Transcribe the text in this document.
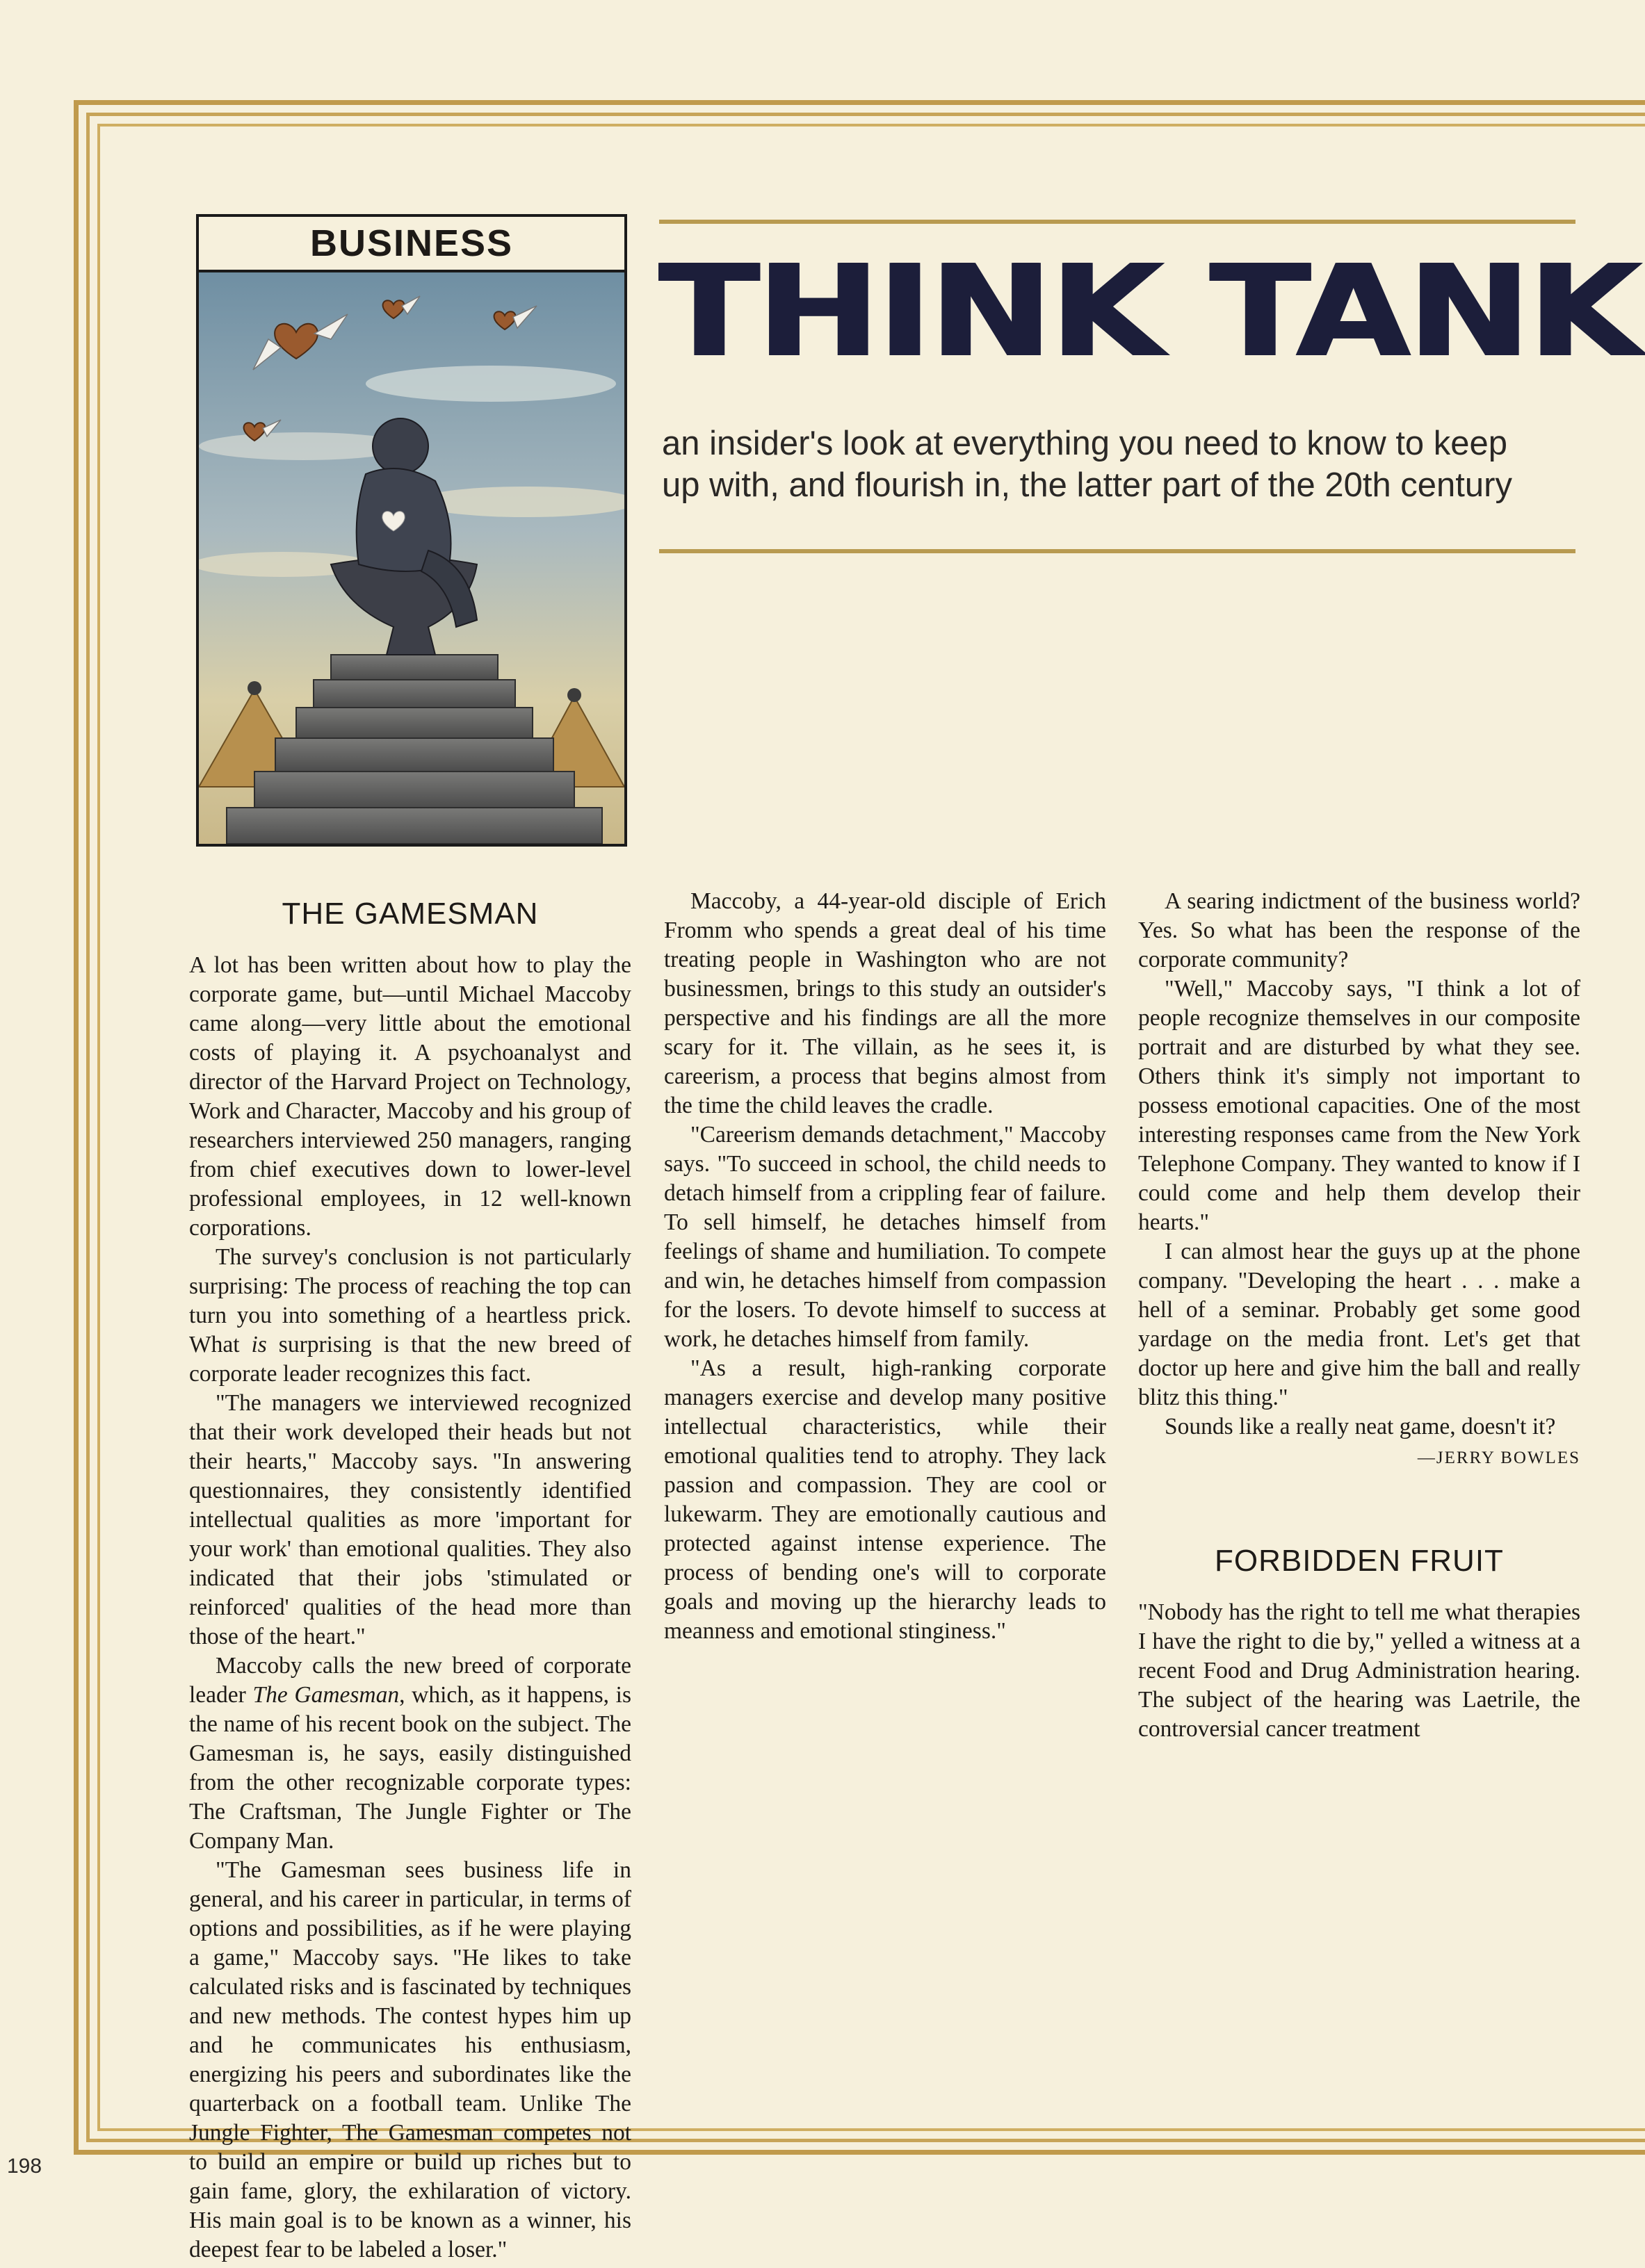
BUSINESS THINK TANK
an insider's look at everything you need to know to keep
up with, and flourish in, the latter part of the 20th century
THE GAMESMAN

A lot has been written about how to play the corporate game, but—until Michael Maccoby came along—very little about the emotional costs of playing it. A psychoanalyst and director of the Harvard Project on Technology, Work and Character, Maccoby and his group of researchers interviewed 250 managers, ranging from chief executives down to lower-level professional employees, in 12 well-known corporations.

The survey's conclusion is not particularly surprising: The process of reaching the top can turn you into something of a heartless prick. What is surprising is that the new breed of corporate leader recognizes this fact.

"The managers we interviewed recognized that their work developed their heads but not their hearts," Maccoby says. "In answering questionnaires, they consistently identified intellectual qualities as more 'important for your work' than emotional qualities. They also indicated that their jobs 'stimulated or reinforced' qualities of the head more than those of the heart."

Maccoby calls the new breed of corporate leader The Gamesman, which, as it happens, is the name of his recent book on the subject. The Gamesman is, he says, easily distinguished from the other recognizable corporate types: The Craftsman, The Jungle Fighter or The Company Man.

"The Gamesman sees business life in general, and his career in particular, in terms of options and possibilities, as if he were playing a game," Maccoby says. "He likes to take calculated risks and is fascinated by techniques and new methods. The contest hypes him up and he communicates his enthusiasm, energizing his peers and subordinates like the quarterback on a football team. Unlike The Jungle Fighter, The Gamesman competes not to build an empire or build up riches but to gain fame, glory, the exhilaration of victory. His main goal is to be known as a winner, his deepest fear to be labeled a loser."

Maccoby, a 44-year-old disciple of Erich Fromm who spends a great deal of his time treating people in Washington who are not businessmen, brings to this study an outsider's perspective and his findings are all the more scary for it. The villain, as he sees it, is careerism, a process that begins almost from the time the child leaves the cradle.

"Careerism demands detachment," Maccoby says. "To succeed in school, the child needs to detach himself from a crippling fear of failure. To sell himself, he detaches himself from feelings of shame and humiliation. To compete and win, he detaches himself from compassion for the losers. To devote himself to success at work, he detaches himself from family.

"As a result, high-ranking corporate managers exercise and develop many positive intellectual characteristics, while their emotional qualities tend to atrophy. They lack passion and compassion. They are cool or lukewarm. They are emotionally cautious and protected against intense experience. The process of bending one's will to corporate goals and moving up the hierarchy leads to meanness and emotional stinginess."

A searing indictment of the business world? Yes. So what has been the response of the corporate community?

"Well," Maccoby says, "I think a lot of people recognize themselves in our composite portrait and are disturbed by what they see. Others think it's simply not important to possess emotional capacities. One of the most interesting responses came from the New York Telephone Company. They wanted to know if I could come and help them develop their hearts."

I can almost hear the guys up at the phone company. "Developing the heart . . . make a hell of a seminar. Probably get some good yardage on the media front. Let's get that doctor up here and give him the ball and really blitz this thing."

Sounds like a really neat game, doesn't it?

—JERRY BOWLES
FORBIDDEN FRUIT

"Nobody has the right to tell me what therapies I have the right to die by," yelled a witness at a recent Food and Drug Administration hearing. The subject of the hearing was Laetrile, the controversial cancer treatment

198
